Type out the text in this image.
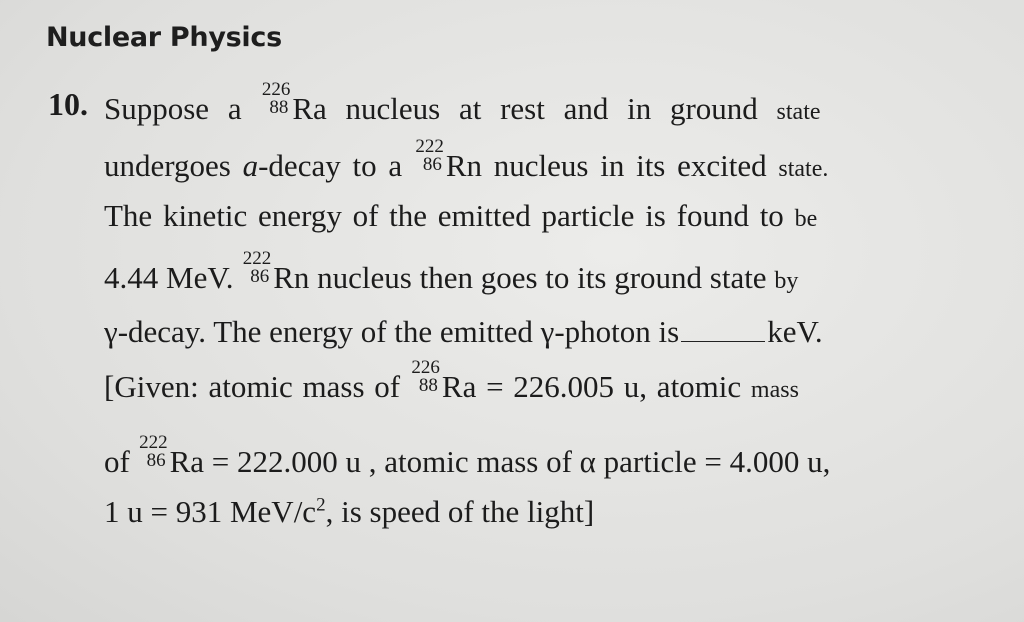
Nuclear Physics
10. Suppose a
226
88 Ra nucleus at rest and in ground state
undergoes a-decay to a
222
86 Rn nucleus in its excited state.
The kinetic energy of the emitted particle is found to be
4.44 MeV.
222
86 Rn nucleus then goes to its ground state by
γ-decay. The energy of the emitted γ-photon is	keV.
[Given: atomic mass of
226
88 Ra = 226.005 u, atomic mass
of
222
86 Ra = 222.000 u , atomic mass of α particle = 4.000 u,
1 u = 931 MeV/$c^2$, is speed of the light]
